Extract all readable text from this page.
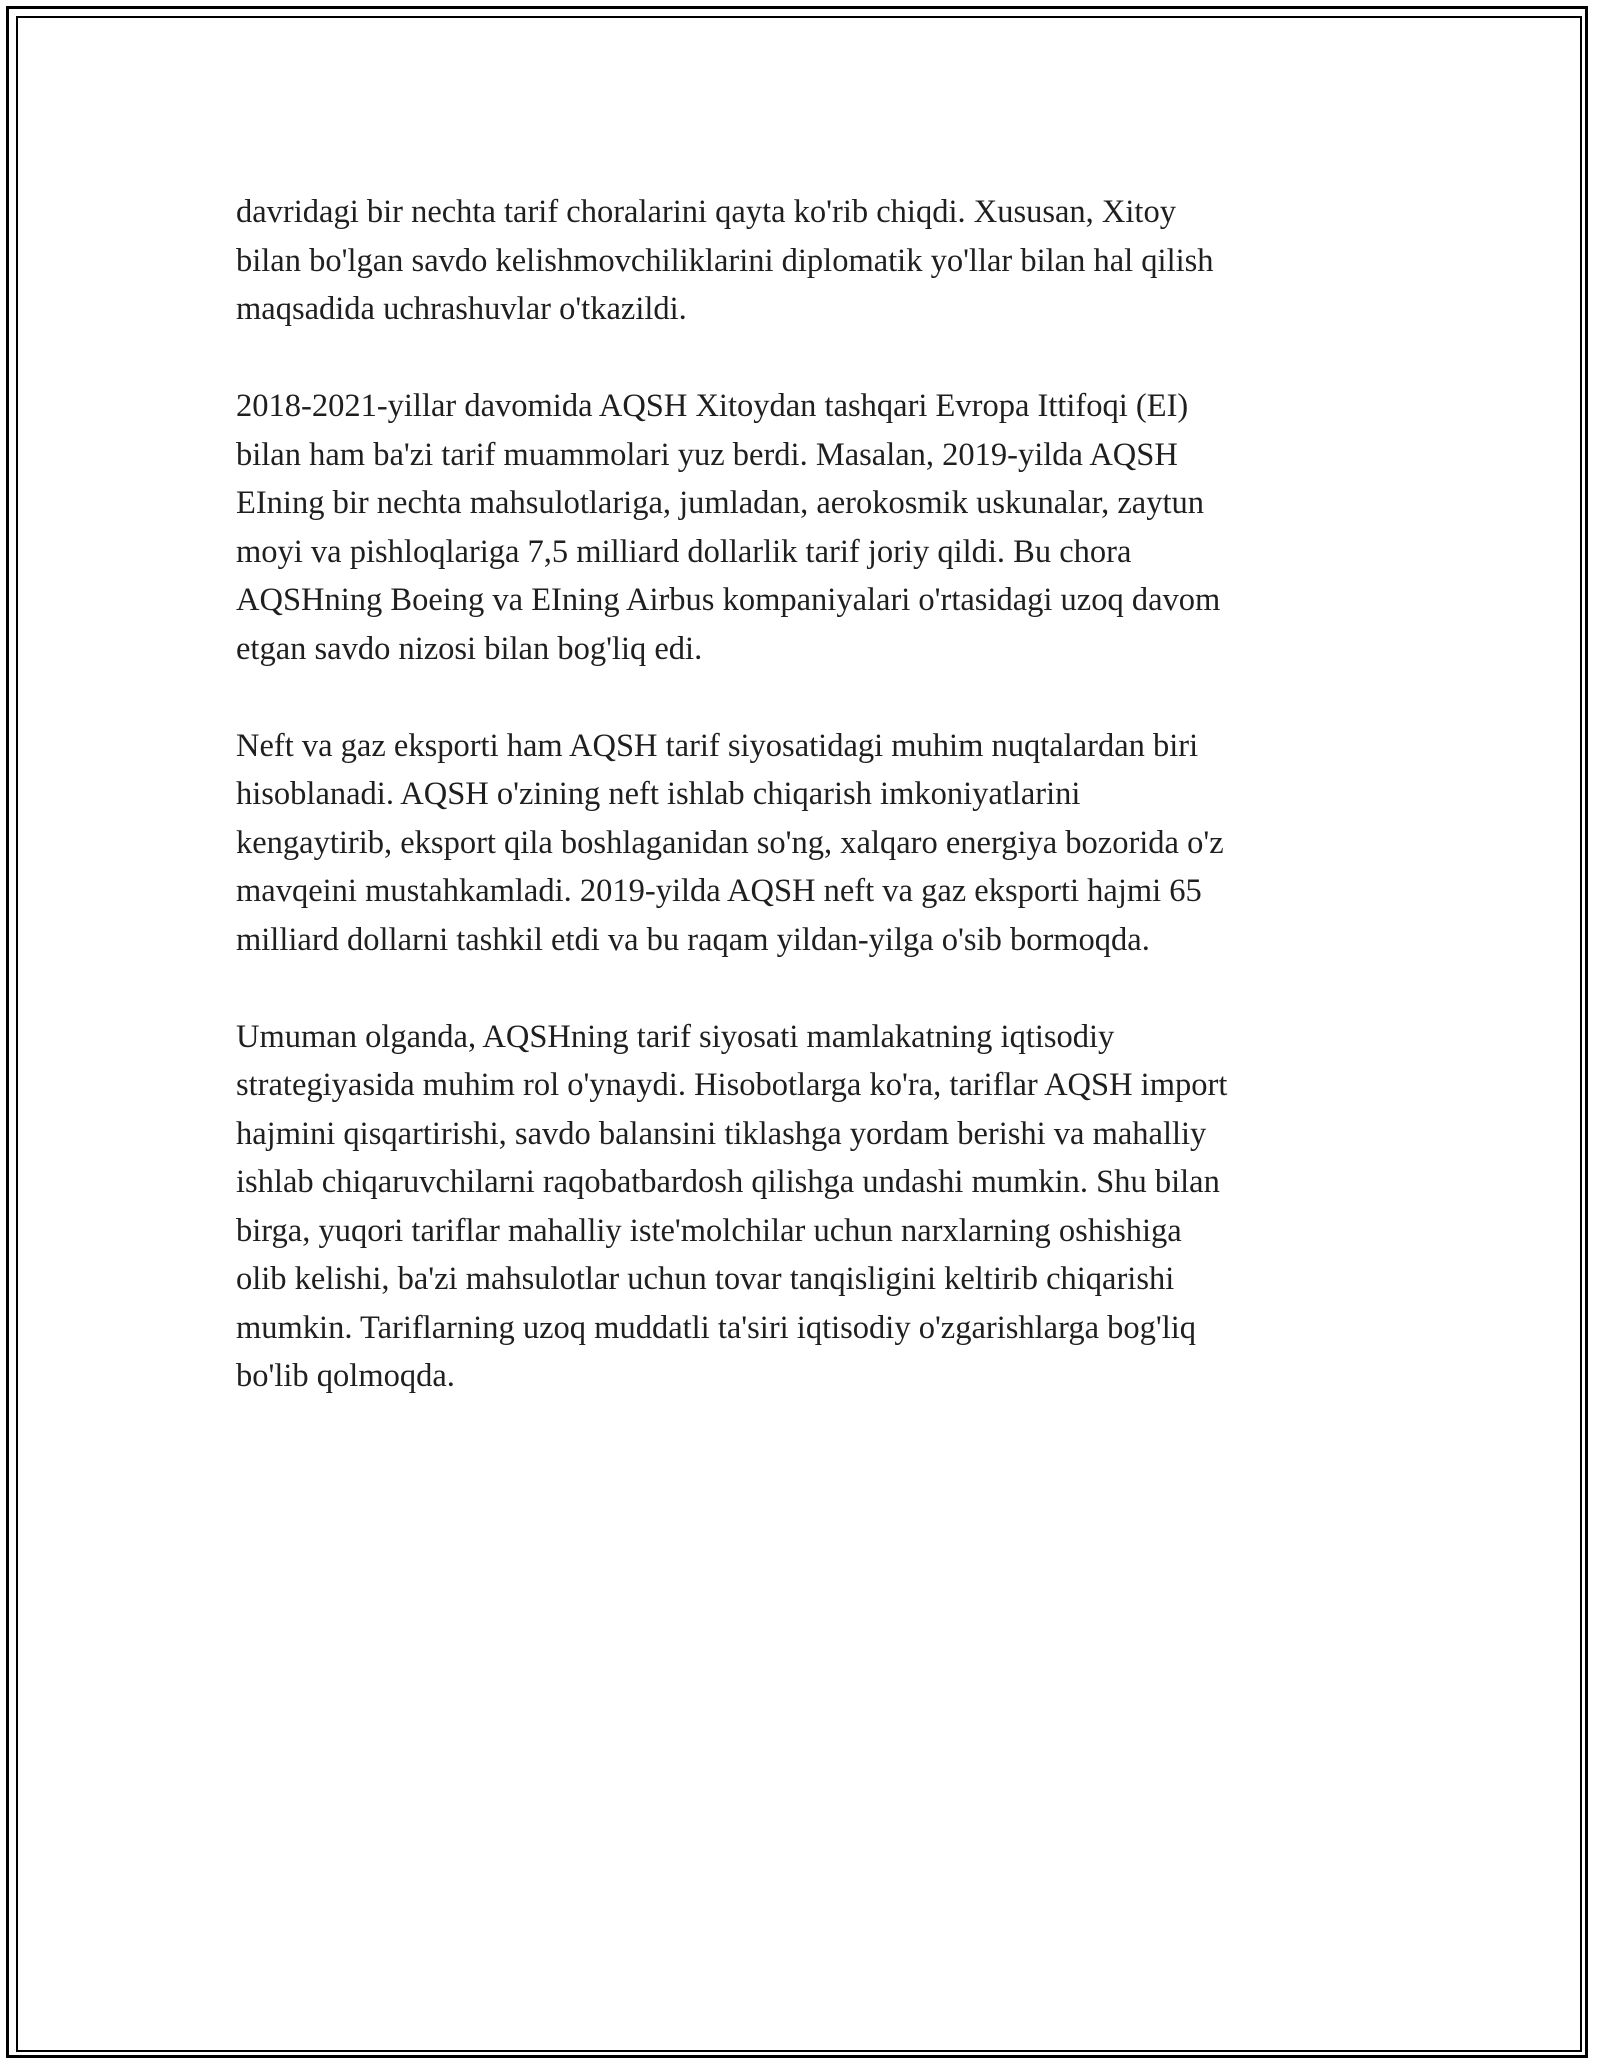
davridagi bir nechta tarif choralarini qayta ko'rib chiqdi. Xususan, Xitoy
bilan bo'lgan savdo kelishmovchiliklarini diplomatik yo'llar bilan hal qilish
maqsadida uchrashuvlar o'tkazildi.
2018-2021-yillar davomida AQSH Xitoydan tashqari Evropa Ittifoqi (EI)
bilan ham ba'zi tarif muammolari yuz berdi. Masalan, 2019-yilda AQSH
EIning bir nechta mahsulotlariga, jumladan, aerokosmik uskunalar, zaytun
moyi va pishloqlariga 7,5 milliard dollarlik tarif joriy qildi. Bu chora
AQSHning Boeing va EIning Airbus kompaniyalari o'rtasidagi uzoq davom
etgan savdo nizosi bilan bog'liq edi.
Neft va gaz eksporti ham AQSH tarif siyosatidagi muhim nuqtalardan biri
hisoblanadi. AQSH o'zining neft ishlab chiqarish imkoniyatlarini
kengaytirib, eksport qila boshlaganidan so'ng, xalqaro energiya bozorida o'z
mavqeini mustahkamladi. 2019-yilda AQSH neft va gaz eksporti hajmi 65
milliard dollarni tashkil etdi va bu raqam yildan-yilga o'sib bormoqda.
Umuman olganda, AQSHning tarif siyosati mamlakatning iqtisodiy
strategiyasida muhim rol o'ynaydi. Hisobotlarga ko'ra, tariflar AQSH import
hajmini qisqartirishi, savdo balansini tiklashga yordam berishi va mahalliy
ishlab chiqaruvchilarni raqobatbardosh qilishga undashi mumkin. Shu bilan
birga, yuqori tariflar mahalliy iste'molchilar uchun narxlarning oshishiga
olib kelishi, ba'zi mahsulotlar uchun tovar tanqisligini keltirib chiqarishi
mumkin. Tariflarning uzoq muddatli ta'siri iqtisodiy o'zgarishlarga bog'liq
bo'lib qolmoqda.
